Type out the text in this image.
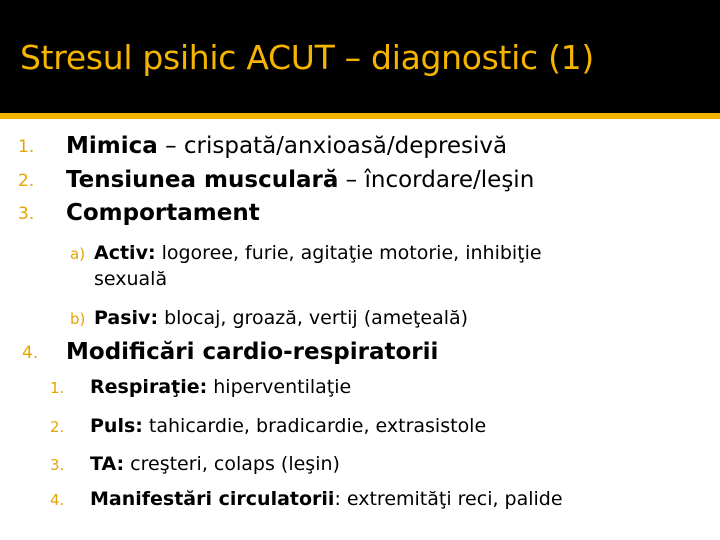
Stresul psihic ACUT – diagnostic (1)
1. Mimica – crispată/anxioasă/depresivă
2. Tensiunea musculară – încordare/leşin
3. Comportament
a) Activ: logoree, furie, agitaţie motorie, inhibiţie
sexuală
b) Pasiv: blocaj, groază, vertij (ameţeală)
4. Modificări cardio-respiratorii
1. Respiraţie: hiperventilaţie
2. Puls: tahicardie, bradicardie, extrasistole
3. TA: creşteri, colaps (leşin)
4. Manifestări circulatorii: extremităţi reci, palide
